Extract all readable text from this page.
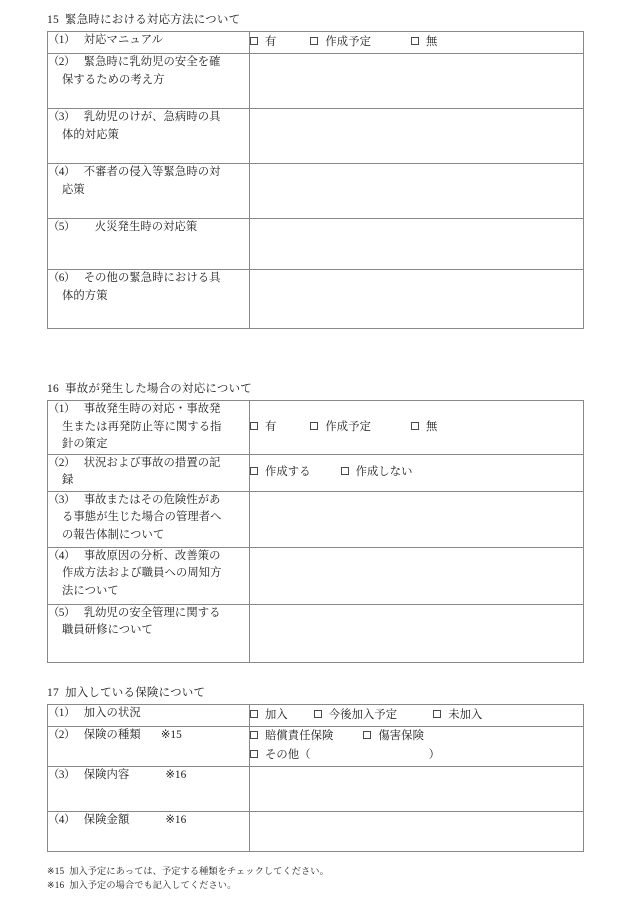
15 緊急時における対応方法について
（1） 対応マニュアル	有 作成予定 無

（2） 緊急時に乳幼児の安全を確
保するための考え方	

（3） 乳幼児のけが、急病時の具
体的対応策	

（4） 不審者の侵入等緊急時の対
応策	

（5） 火災発生時の対応策	

（6） その他の緊急時における具
体的方策	

16 事故が発生した場合の対応について
（1） 事故発生時の対応・事故発
生または再発防止等に関する指
針の策定	有 作成予定 無

（2） 状況および事故の措置の記
録	作成する 作成しない

（3） 事故またはその危険性があ
る事態が生じた場合の管理者へ
の報告体制について	

（4） 事故原因の分析、改善策の
作成方法および職員への周知方
法について	

（5） 乳幼児の安全管理に関する
職員研修について	

17 加入している保険について
（1） 加入の状況	加入 今後加入予定 未加入

（2） 保険の種類 ※15	賠償責任保険 傷害保険
その他（ ）

（3） 保険内容 ※16	

（4） 保険金額 ※16	

※15 加入予定にあっては、予定する種類をチェックしてください。
※16 加入予定の場合でも記入してください。
